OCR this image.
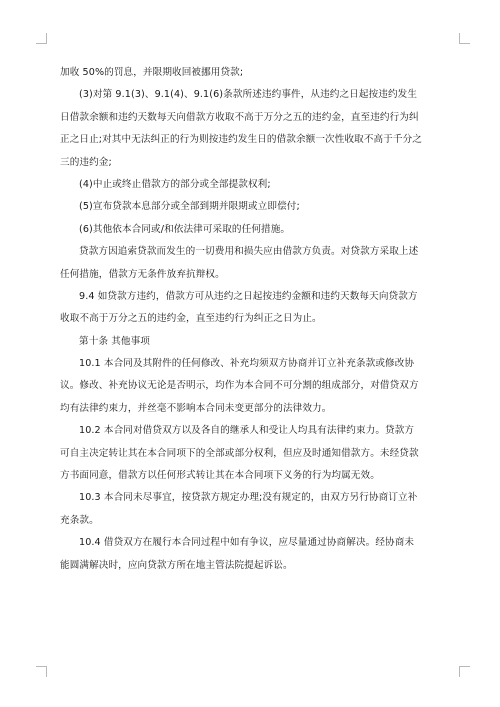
加收 50%的罚息，并限期收回被挪用贷款;
(3)对第 9.1(3)、9.1(4)、9.1(6)条款所述违约事件，从违约之日起按违约发生
日借款余额和违约天数每天向借款方收取不高于万分之五的违约金，直至违约行为纠
正之日止;对其中无法纠正的行为则按违约发生日的借款余额一次性收取不高于千分之
三的违约金;
(4)中止或终止借款方的部分或全部提款权利;
(5)宣布贷款本息部分或全部到期并限期或立即偿付;
(6)其他依本合同或/和依法律可采取的任何措施。
贷款方因追索贷款而发生的一切费用和损失应由借款方负责。对贷款方采取上述
任何措施，借款方无条件放弃抗辩权。
9.4 如贷款方违约，借款方可从违约之日起按违约金额和违约天数每天向贷款方
收取不高于万分之五的违约金，直至违约行为纠正之日为止。
第十条 其他事项
10.1 本合同及其附件的任何修改、补充均须双方协商并订立补充条款或修改协
议。修改、补充协议无论是否明示，均作为本合同不可分割的组成部分，对借贷双方
均有法律约束力，并丝毫不影响本合同未变更部分的法律效力。
10.2 本合同对借贷双方以及各自的继承人和受让人均具有法律约束力。贷款方
可自主决定转让其在本合同项下的全部或部分权利，但应及时通知借款方。未经贷款
方书面同意，借款方以任何形式转让其在本合同项下义务的行为均属无效。
10.3 本合同未尽事宜，按贷款方规定办理;没有规定的，由双方另行协商订立补
充条款。
10.4 借贷双方在履行本合同过程中如有争议，应尽量通过协商解决。经协商未
能圆满解决时，应向贷款方所在地主管法院提起诉讼。
